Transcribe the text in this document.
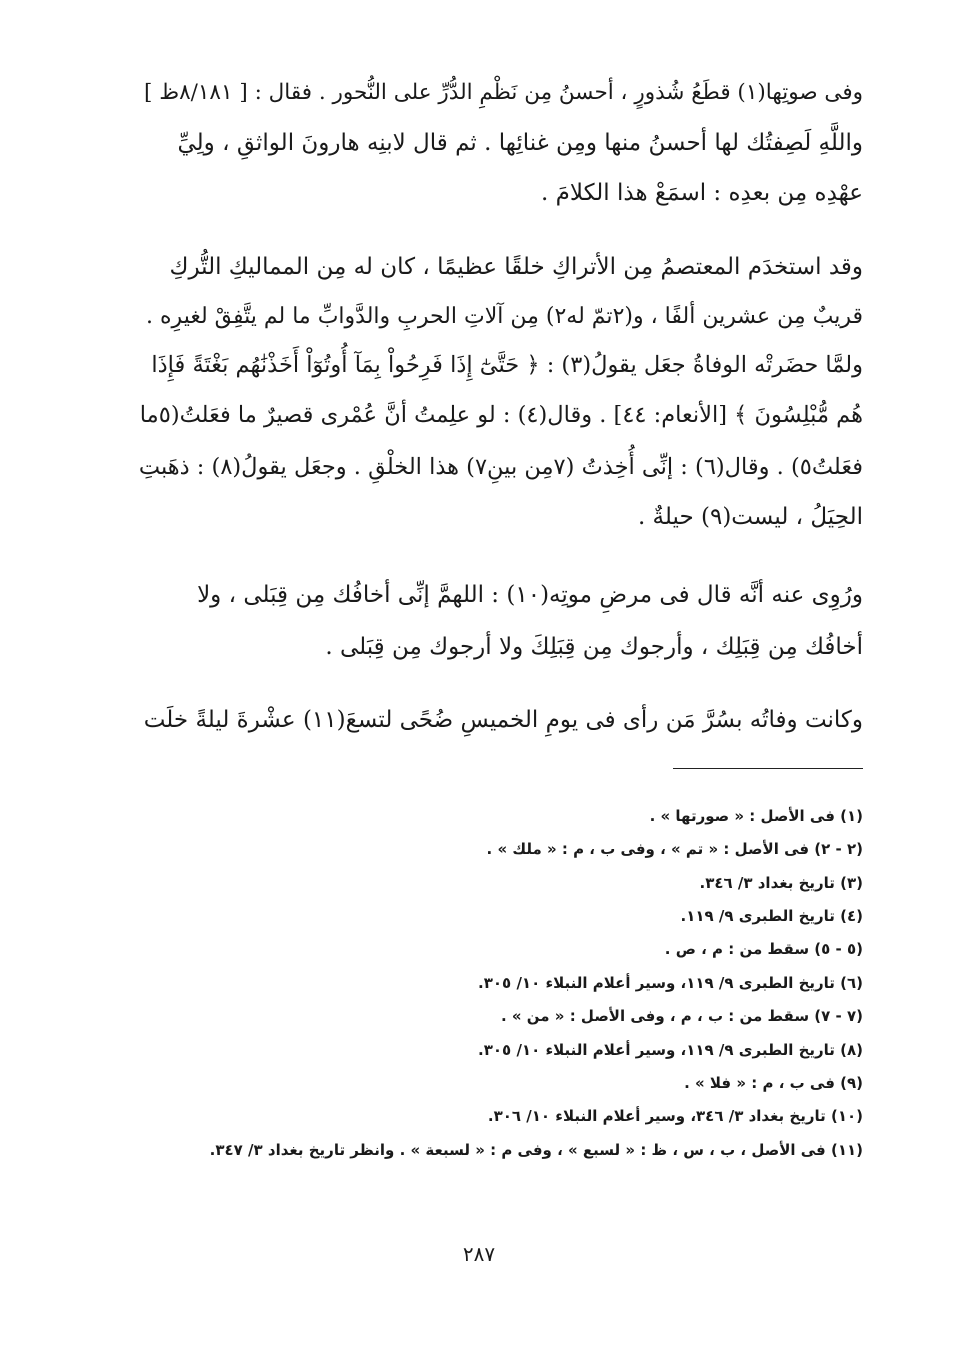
وفى صوتِها(١) قطَعُ شُذورٍ ، أحسنُ مِن نَظْمِ الدُّرِّ على النُّحور . فقال : [ ٨/١٨١ظ ]
واللَّهِ لَصِفتُك لها أحسنُ منها ومِن غنائِها . ثم قال لابنِه هارونَ الواثقِ ، ولِيِّ
عهْدِه مِن بعدِه : اسمَعْ هذا الكلامَ .
وقد استخدَم المعتصمُ مِن الأتراكِ خلقًا عظيمًا ، كان له مِن المماليكِ التُّركِ
قريبٌ مِن عشرين ألفًا ، و(٢تمّ له٢) مِن آلاتِ الحربِ والدَّوابِّ ما لم يتَّفِقْ لغيرِه .
ولمَّا حضَرتْه الوفاةُ جعَل يقولُ(٣) : ﴿ حَتَّىٰٓ إِذَا فَرِحُواْ بِمَآ أُوتُوٓاْ أَخَذْنَٰهُم بَغْتَةً فَإِذَا
هُم مُّبْلِسُونَ ﴾ [الأنعام: ٤٤] . وقال(٤) : لو علِمتُ أنَّ عُمْرى قصيرٌ ما فعَلتُ(٥ما
فعَلتُ٥) . وقال(٦) : إنِّى أُخِذتُ (٧مِن بينِ٧) هذا الخلْقِ . وجعَل يقولُ(٨) : ذهَبتِ
الحِيَلُ ، ليست(٩) حيلةٌ .
ورُوِى عنه أنَّه قال فى مرضِ موتِه(١٠) : اللهمَّ إنِّى أخافُك مِن قِبَلى ، ولا
أخافُك مِن قِبَلِك ، وأرجوك مِن قِبَلِكَ ولا أرجوك مِن قِبَلى .
وكانت وفاتُه بسُرَّ مَن رأى فى يومِ الخميسِ ضُحًى لتسعَ(١١) عشْرةَ ليلةً خلَت
(١) فى الأصل : « صورتها » .
(٢ - ٢) فى الأصل : « تم » ، وفى ب ، م : « ملك » .
(٣) تاريخ بغداد ٣/ ٣٤٦.
(٤) تاريخ الطبرى ٩/ ١١٩.
(٥ - ٥) سقط من : م ، ص .
(٦) تاريخ الطبرى ٩/ ١١٩، وسير أعلام النبلاء ١٠/ ٣٠٥.
(٧ - ٧) سقط من : ب ، م ، وفى الأصل : « من » .
(٨) تاريخ الطبرى ٩/ ١١٩، وسير أعلام النبلاء ١٠/ ٣٠٥.
(٩) فى ب ، م : « فلا » .
(١٠) تاريخ بغداد ٣/ ٣٤٦، وسير أعلام النبلاء ١٠/ ٣٠٦.
(١١) فى الأصل ، ب ، س ، ظ : « لسبع » ، وفى م : « لسبعة » . وانظر تاريخ بغداد ٣/ ٣٤٧.
٢٨٧
